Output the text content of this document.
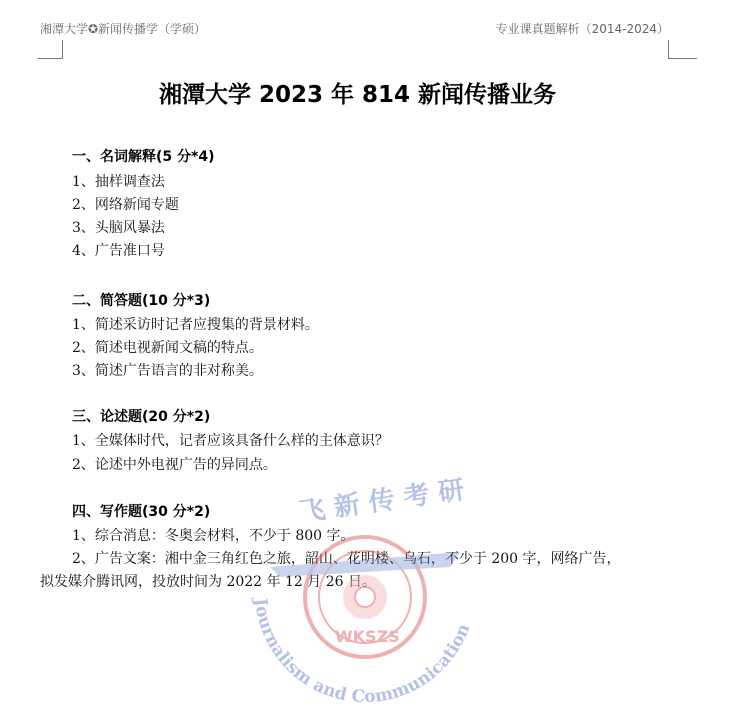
湘潭大学✪新闻传播学（学硕）	专业课真题解析（2014-2024）
湘潭大学 2023 年 814 新闻传播业务
一、名词解释(5 分*4)
1、抽样调查法
2、网络新闻专题
3、头脑风暴法
4、广告准口号
二、简答题(10 分*3)
1、简述采访时记者应搜集的背景材料。
2、简述电视新闻文稿的特点。
3、简述广告语言的非对称美。
三、论述题(20 分*2)
1、全媒体时代，记者应该具备什么样的主体意识？
2、论述中外电视广告的异同点。
四、写作题(30 分*2)
1、综合消息：冬奥会材料，不少于 800 字。
2、广告文案：湘中金三角红色之旅，韶山、花明楼、乌石，不少于 200 字，网络广告，
拟发媒介腾讯网，投放时间为 2022 年 12 月 26 日。
飞 新 传 考 研
WKSZS
Journalism and Communication
